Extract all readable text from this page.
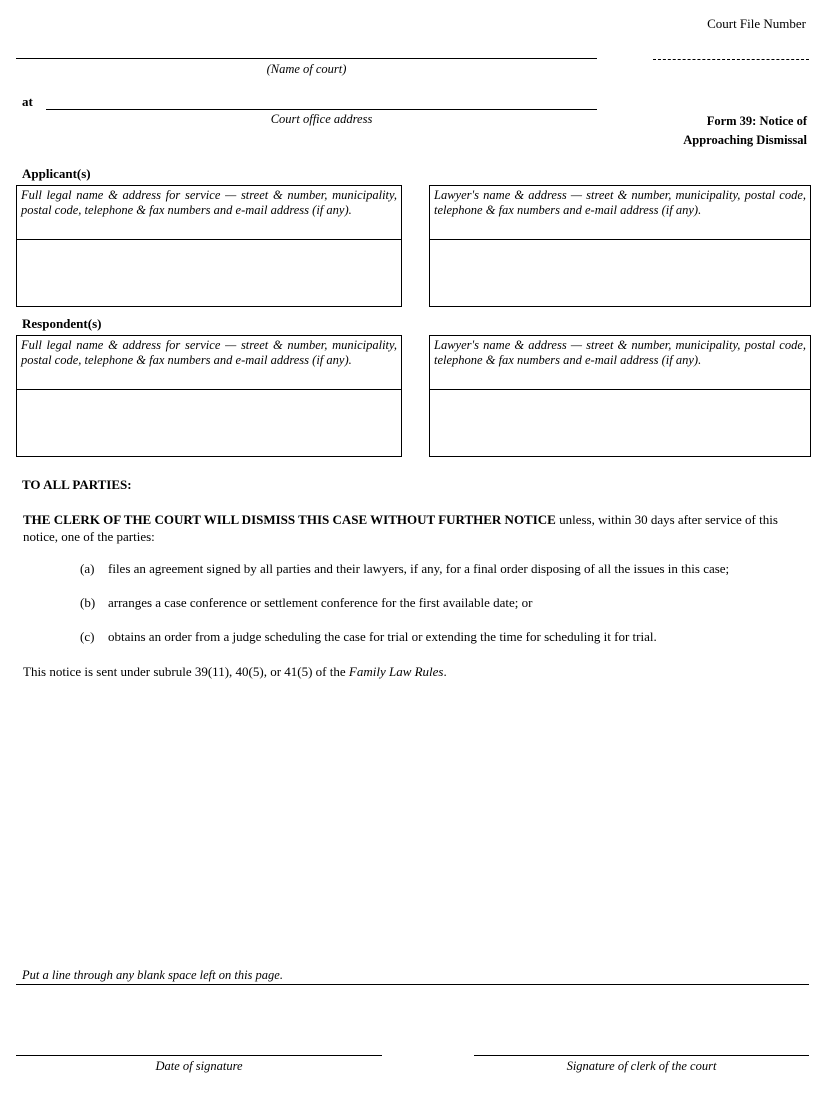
Court File Number
(Name of court)
at
Court office address	Form 39: Notice of
Approaching Dismissal
Applicant(s)
Full legal name & address for service — street & number, municipality, postal code, telephone & fax numbers and e-mail address (if any).
Lawyer's name & address — street & number, municipality, postal code, telephone & fax numbers and e-mail address (if any).
Respondent(s)
Full legal name & address for service — street & number, municipality, postal code, telephone & fax numbers and e-mail address (if any).
Lawyer's name & address — street & number, municipality, postal code, telephone & fax numbers and e-mail address (if any).
TO ALL PARTIES:
THE CLERK OF THE COURT WILL DISMISS THIS CASE WITHOUT FURTHER NOTICE unless, within 30 days after service of this notice, one of the parties:
(a) files an agreement signed by all parties and their lawyers, if any, for a final order disposing of all the issues in this case;
(b) arranges a case conference or settlement conference for the first available date; or
(c) obtains an order from a judge scheduling the case for trial or extending the time for scheduling it for trial.
This notice is sent under subrule 39(11), 40(5), or 41(5) of the Family Law Rules.
Put a line through any blank space left on this page.
Date of signature	Signature of clerk of the court
